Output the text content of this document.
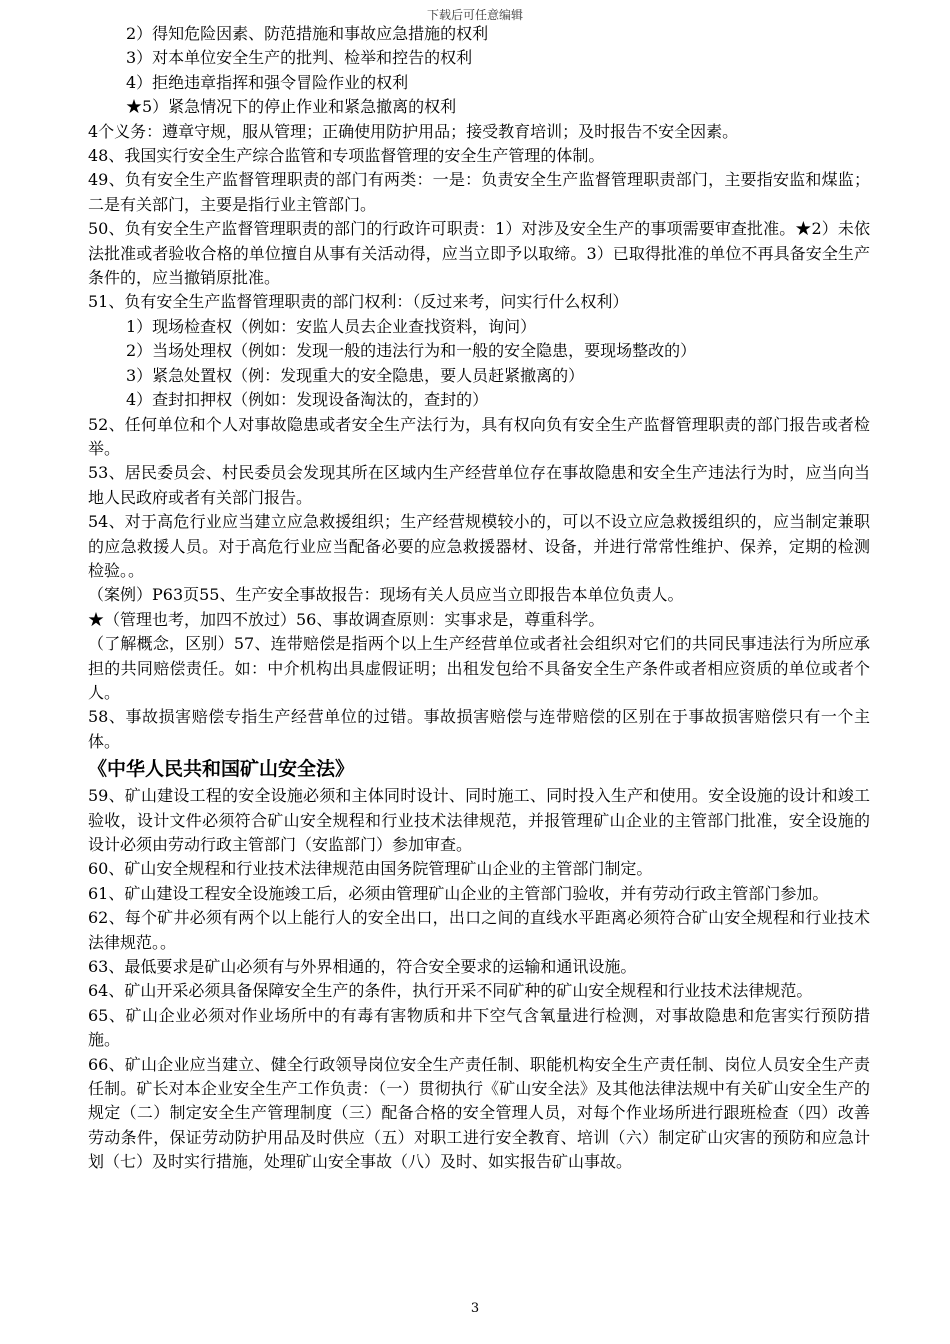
下载后可任意编辑
2）得知危险因素、防范措施和事故应急措施的权利
3）对本单位安全生产的批判、检举和控告的权利
4）拒绝违章指挥和强令冒险作业的权利
★5）紧急情况下的停止作业和紧急撤离的权利
4个义务：遵章守规，服从管理；正确使用防护用品；接受教育培训；及时报告不安全因素。
48、我国实行安全生产综合监管和专项监督管理的安全生产管理的体制。
49、负有安全生产监督管理职责的部门有两类：一是：负责安全生产监督管理职责部门，主要指安监和煤监；二是有关部门，主要是指行业主管部门。
50、负有安全生产监督管理职责的部门的行政许可职责：1）对涉及安全生产的事项需要审查批准。★2）未依法批准或者验收合格的单位擅自从事有关活动得，应当立即予以取缔。3）已取得批准的单位不再具备安全生产条件的，应当撤销原批准。
51、负有安全生产监督管理职责的部门权利：（反过来考，问实行什么权利）
1）现场检查权（例如：安监人员去企业查找资料，询问）
2）当场处理权（例如：发现一般的违法行为和一般的安全隐患，要现场整改的）
3）紧急处置权（例：发现重大的安全隐患，要人员赶紧撤离的）
4）查封扣押权（例如：发现设备淘汰的，查封的）
52、任何单位和个人对事故隐患或者安全生产法行为，具有权向负有安全生产监督管理职责的部门报告或者检举。
53、居民委员会、村民委员会发现其所在区域内生产经营单位存在事故隐患和安全生产违法行为时，应当向当地人民政府或者有关部门报告。
54、对于高危行业应当建立应急救援组织；生产经营规模较小的，可以不设立应急救援组织的，应当制定兼职的应急救援人员。对于高危行业应当配备必要的应急救援器材、设备，并进行常常性维护、保养，定期的检测检验。。
（案例）P63页55、生产安全事故报告：现场有关人员应当立即报告本单位负责人。
★（管理也考，加四不放过）56、事故调查原则：实事求是，尊重科学。
（了解概念，区别）57、连带赔偿是指两个以上生产经营单位或者社会组织对它们的共同民事违法行为所应承担的共同赔偿责任。如：中介机构出具虚假证明；出租发包给不具备安全生产条件或者相应资质的单位或者个人。
58、事故损害赔偿专指生产经营单位的过错。事故损害赔偿与连带赔偿的区别在于事故损害赔偿只有一个主体。
《中华人民共和国矿山安全法》
59、矿山建设工程的安全设施必须和主体同时设计、同时施工、同时投入生产和使用。安全设施的设计和竣工验收，设计文件必须符合矿山安全规程和行业技术法律规范，并报管理矿山企业的主管部门批准，安全设施的设计必须由劳动行政主管部门（安监部门）参加审查。
60、矿山安全规程和行业技术法律规范由国务院管理矿山企业的主管部门制定。
61、矿山建设工程安全设施竣工后，必须由管理矿山企业的主管部门验收，并有劳动行政主管部门参加。
62、每个矿井必须有两个以上能行人的安全出口，出口之间的直线水平距离必须符合矿山安全规程和行业技术法律规范。。
63、最低要求是矿山必须有与外界相通的，符合安全要求的运输和通讯设施。
64、矿山开采必须具备保障安全生产的条件，执行开采不同矿种的矿山安全规程和行业技术法律规范。
65、矿山企业必须对作业场所中的有毒有害物质和井下空气含氧量进行检测，对事故隐患和危害实行预防措施。
66、矿山企业应当建立、健全行政领导岗位安全生产责任制、职能机构安全生产责任制、岗位人员安全生产责任制。矿长对本企业安全生产工作负责：（一）贯彻执行《矿山安全法》及其他法律法规中有关矿山安全生产的规定（二）制定安全生产管理制度（三）配备合格的安全管理人员，对每个作业场所进行跟班检查（四）改善劳动条件，保证劳动防护用品及时供应（五）对职工进行安全教育、培训（六）制定矿山灾害的预防和应急计划（七）及时实行措施，处理矿山安全事故（八）及时、如实报告矿山事故。
3
